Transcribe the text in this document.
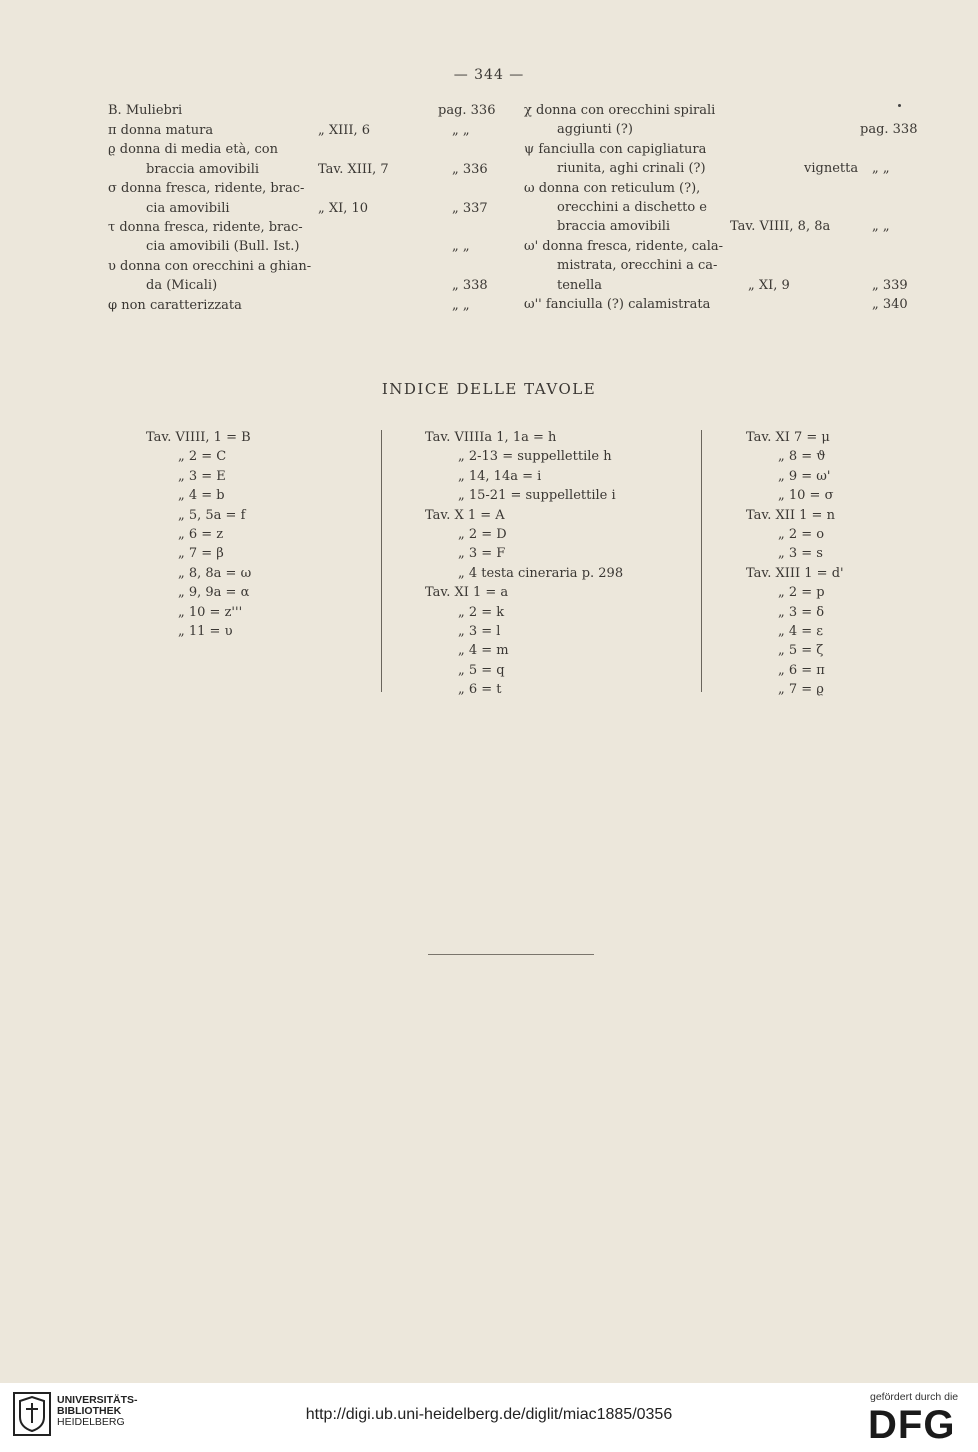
— 344 —
B. Muliebri	pag. 336
π donna matura	„ XIII, 6	„ „
ϱ donna di media età, con
braccia amovibili	Tav. XIII, 7	„ 336
σ donna fresca, ridente, brac-
cia amovibili	„ XI, 10	„ 337
τ donna fresca, ridente, brac-
cia amovibili (Bull. Ist.)	„ „
υ donna con orecchini a ghian-
da (Micali)	„ 338
φ non caratterizzata	„ „
χ donna con orecchini spirali
aggiunti (?)	pag. 338
ψ fanciulla con capigliatura
riunita, aghi crinali (?)	vignetta „ „
ω donna con reticulum (?),
orecchini a dischetto e
braccia amovibili	Tav. VIIII, 8, 8a	„ „
ω' donna fresca, ridente, cala-
mistrata, orecchini a ca-
tenella	„ XI, 9	„ 339
ω'' fanciulla (?) calamistrata	„ 340
INDICE DELLE TAVOLE
Tav. VIIII, 1 = B
„ 2 = C
„ 3 = E
„ 4 = b
„ 5, 5a = f
„ 6 = z
„ 7 = β
„ 8, 8a = ω
„ 9, 9a = α
„ 10 = z'''
„ 11 = υ
Tav. VIIIIa 1, 1a = h
„ 2-13 = suppellettile h
„ 14, 14a = i
„ 15-21 = suppellettile i
Tav. X 1 = A
„ 2 = D
„ 3 = F
„ 4 testa cineraria p. 298
Tav. XI 1 = a
„ 2 = k
„ 3 = l
„ 4 = m
„ 5 = q
„ 6 = t
Tav. XI 7 = μ
„ 8 = ϑ
„ 9 = ω'
„ 10 = σ
Tav. XII 1 = n
„ 2 = o
„ 3 = s
Tav. XIII 1 = d'
„ 2 = p
„ 3 = δ
„ 4 = ε
„ 5 = ζ
„ 6 = π
„ 7 = ϱ
UNIVERSITÄTS-
BIBLIOTHEK
HEIDELBERG	http://digi.ub.uni-heidelberg.de/diglit/miac1885/0356
gefördert durch die
DFG
